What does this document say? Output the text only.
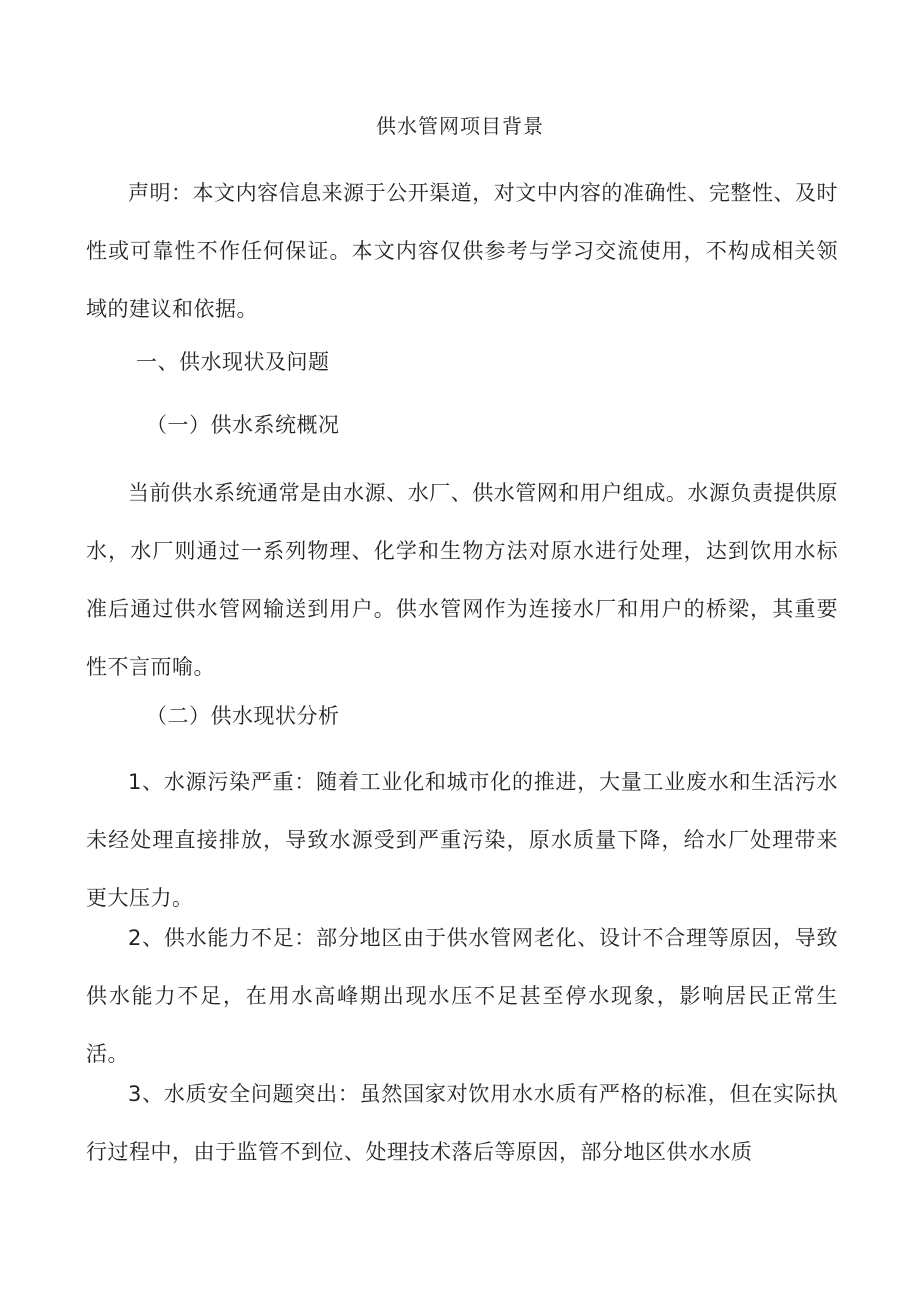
供水管网项目背景

声明：本文内容信息来源于公开渠道，对文中内容的准确性、完整性、及时性或可靠性不作任何保证。本文内容仅供参考与学习交流使用，不构成相关领域的建议和依据。

一、供水现状及问题
（一）供水系统概况

当前供水系统通常是由水源、水厂、供水管网和用户组成。水源负责提供原水，水厂则通过一系列物理、化学和生物方法对原水进行处理，达到饮用水标准后通过供水管网输送到用户。供水管网作为连接水厂和用户的桥梁，其重要性不言而喻。

（二）供水现状分析

1、水源污染严重：随着工业化和城市化的推进，大量工业废水和生活污水未经处理直接排放，导致水源受到严重污染，原水质量下降，给水厂处理带来更大压力。

2、供水能力不足：部分地区由于供水管网老化、设计不合理等原因，导致供水能力不足，在用水高峰期出现水压不足甚至停水现象，影响居民正常生活。

3、水质安全问题突出：虽然国家对饮用水水质有严格的标准，但在实际执行过程中，由于监管不到位、处理技术落后等原因，部分地区供水水质
